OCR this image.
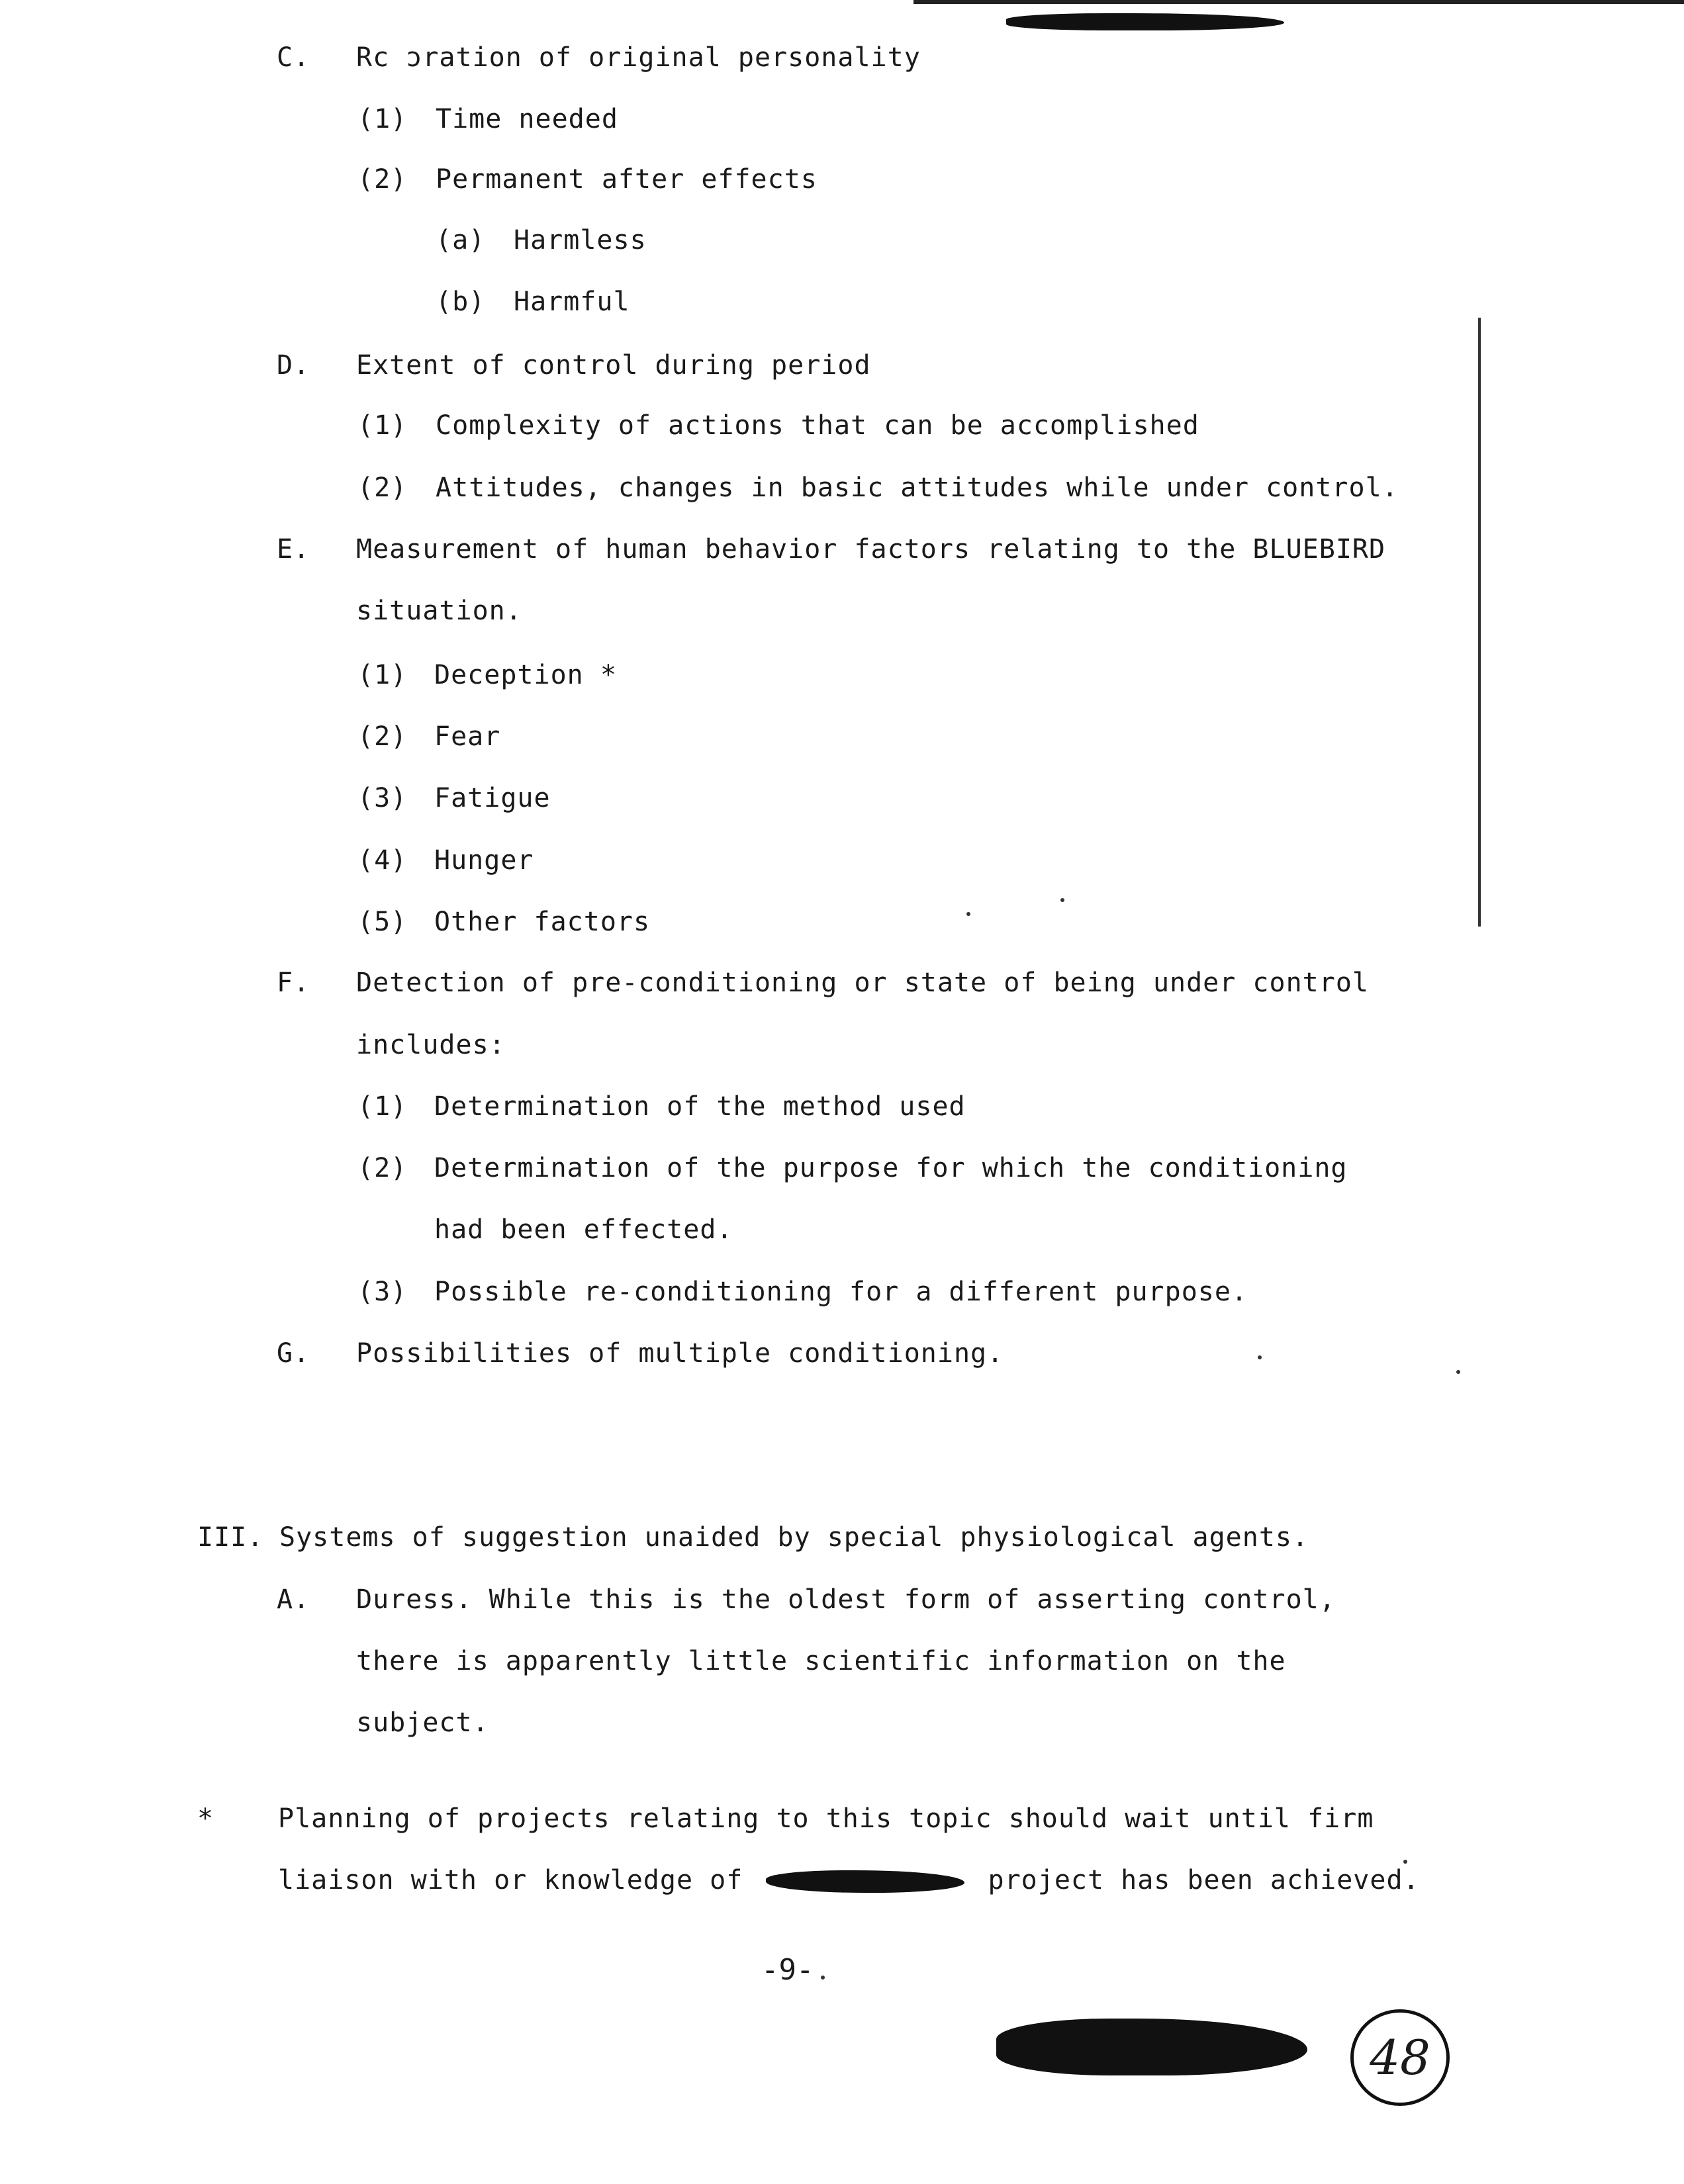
C. Rc ɔration of original personality
(1) Time needed
(2) Permanent after effects
(a) Harmless
(b) Harmful
D. Extent of control during period
(1) Complexity of actions that can be accomplished
(2) Attitudes, changes in basic attitudes while under control.
E. Measurement of human behavior factors relating to the BLUEBIRD
situation.
(1) Deception *
(2) Fear
(3) Fatigue
(4) Hunger
(5) Other factors
F. Detection of pre-conditioning or state of being under control
includes:
(1) Determination of the method used
(2) Determination of the purpose for which the conditioning
had been effected.
(3) Possible re-conditioning for a different purpose.
G. Possibilities of multiple conditioning.
III. Systems of suggestion unaided by special physiological agents.
A. Duress. While this is the oldest form of asserting control,
there is apparently little scientific information on the
subject.
* Planning of projects relating to this topic should wait until firm
liaison with or knowledge of	project has been achieved.
-9-
48
